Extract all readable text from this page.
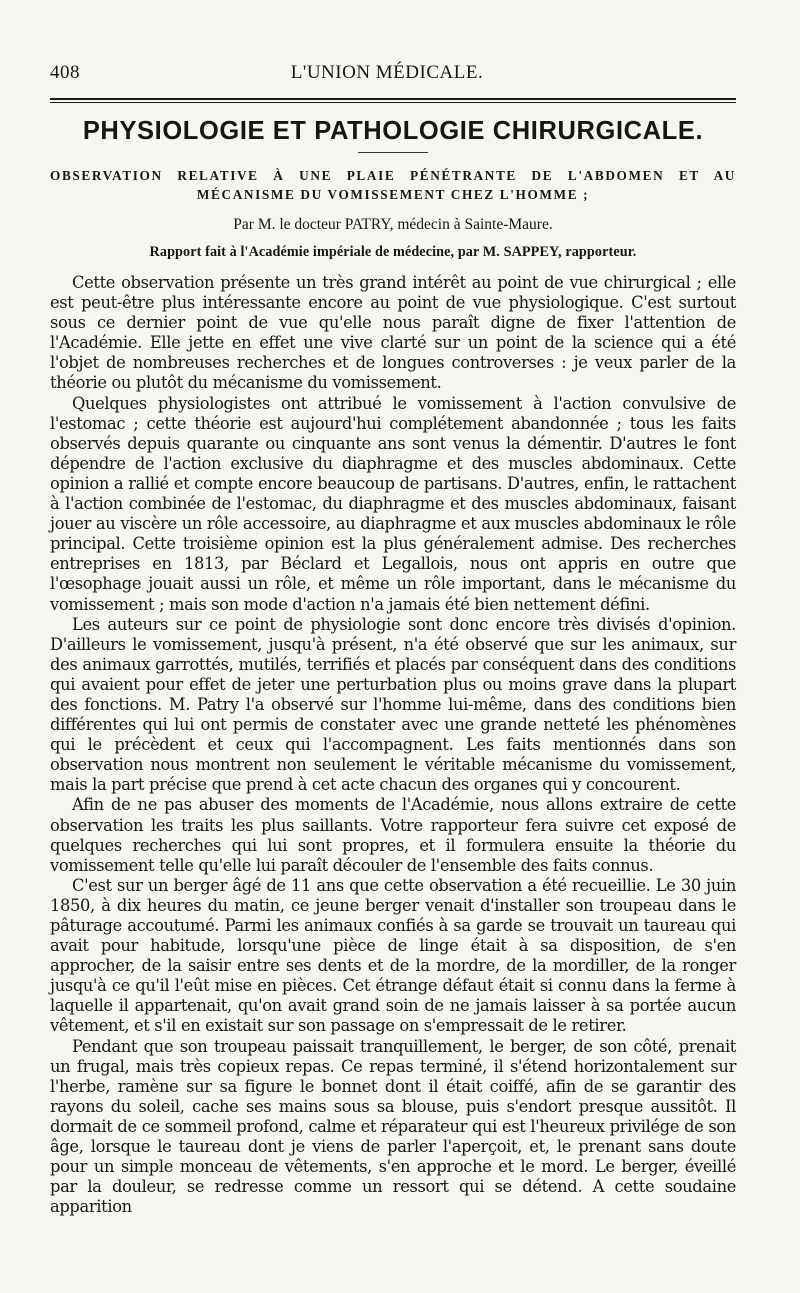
408	L'UNION MÉDICALE.
PHYSIOLOGIE ET PATHOLOGIE CHIRURGICALE.
OBSERVATION RELATIVE À UNE PLAIE PÉNÉTRANTE DE L'ABDOMEN ET AU MÉCANISME DU VOMISSEMENT CHEZ L'HOMME ;
Par M. le docteur PATRY, médecin à Sainte-Maure.
Rapport fait à l'Académie impériale de médecine, par M. SAPPEY, rapporteur.

Cette observation présente un très grand intérêt au point de vue chirurgical ; elle est peut-être plus intéressante encore au point de vue physiologique. C'est surtout sous ce dernier point de vue qu'elle nous paraît digne de fixer l'attention de l'Académie. Elle jette en effet une vive clarté sur un point de la science qui a été l'objet de nombreuses recherches et de longues controverses : je veux parler de la théorie ou plutôt du mécanisme du vomissement.

Quelques physiologistes ont attribué le vomissement à l'action convulsive de l'estomac ; cette théorie est aujourd'hui complétement abandonnée ; tous les faits observés depuis quarante ou cinquante ans sont venus la démentir. D'autres le font dépendre de l'action exclusive du diaphragme et des muscles abdominaux. Cette opinion a rallié et compte encore beaucoup de partisans. D'autres, enfin, le rattachent à l'action combinée de l'estomac, du diaphragme et des muscles abdominaux, faisant jouer au viscère un rôle accessoire, au diaphragme et aux muscles abdominaux le rôle principal. Cette troisième opinion est la plus généralement admise. Des recherches entreprises en 1813, par Béclard et Legallois, nous ont appris en outre que l'œsophage jouait aussi un rôle, et même un rôle important, dans le mécanisme du vomissement ; mais son mode d'action n'a jamais été bien nettement défini.

Les auteurs sur ce point de physiologie sont donc encore très divisés d'opinion. D'ailleurs le vomissement, jusqu'à présent, n'a été observé que sur les animaux, sur des animaux garrottés, mutilés, terrifiés et placés par conséquent dans des conditions qui avaient pour effet de jeter une perturbation plus ou moins grave dans la plupart des fonctions. M. Patry l'a observé sur l'homme lui-même, dans des conditions bien différentes qui lui ont permis de constater avec une grande netteté les phénomènes qui le précèdent et ceux qui l'accompagnent. Les faits mentionnés dans son observation nous montrent non seulement le véritable mécanisme du vomissement, mais la part précise que prend à cet acte chacun des organes qui y concourent.

Afin de ne pas abuser des moments de l'Académie, nous allons extraire de cette observation les traits les plus saillants. Votre rapporteur fera suivre cet exposé de quelques recherches qui lui sont propres, et il formulera ensuite la théorie du vomissement telle qu'elle lui paraît découler de l'ensemble des faits connus.

C'est sur un berger âgé de 11 ans que cette observation a été recueillie. Le 30 juin 1850, à dix heures du matin, ce jeune berger venait d'installer son troupeau dans le pâturage accoutumé. Parmi les animaux confiés à sa garde se trouvait un taureau qui avait pour habitude, lorsqu'une pièce de linge était à sa disposition, de s'en approcher, de la saisir entre ses dents et de la mordre, de la mordiller, de la ronger jusqu'à ce qu'il l'eût mise en pièces. Cet étrange défaut était si connu dans la ferme à laquelle il appartenait, qu'on avait grand soin de ne jamais laisser à sa portée aucun vêtement, et s'il en existait sur son passage on s'empressait de le retirer.

Pendant que son troupeau paissait tranquillement, le berger, de son côté, prenait un frugal, mais très copieux repas. Ce repas terminé, il s'étend horizontalement sur l'herbe, ramène sur sa figure le bonnet dont il était coiffé, afin de se garantir des rayons du soleil, cache ses mains sous sa blouse, puis s'endort presque aussitôt. Il dormait de ce sommeil profond, calme et réparateur qui est l'heureux privilége de son âge, lorsque le taureau dont je viens de parler l'aperçoit, et, le prenant sans doute pour un simple monceau de vêtements, s'en approche et le mord. Le berger, éveillé par la douleur, se redresse comme un ressort qui se détend. A cette soudaine apparition
